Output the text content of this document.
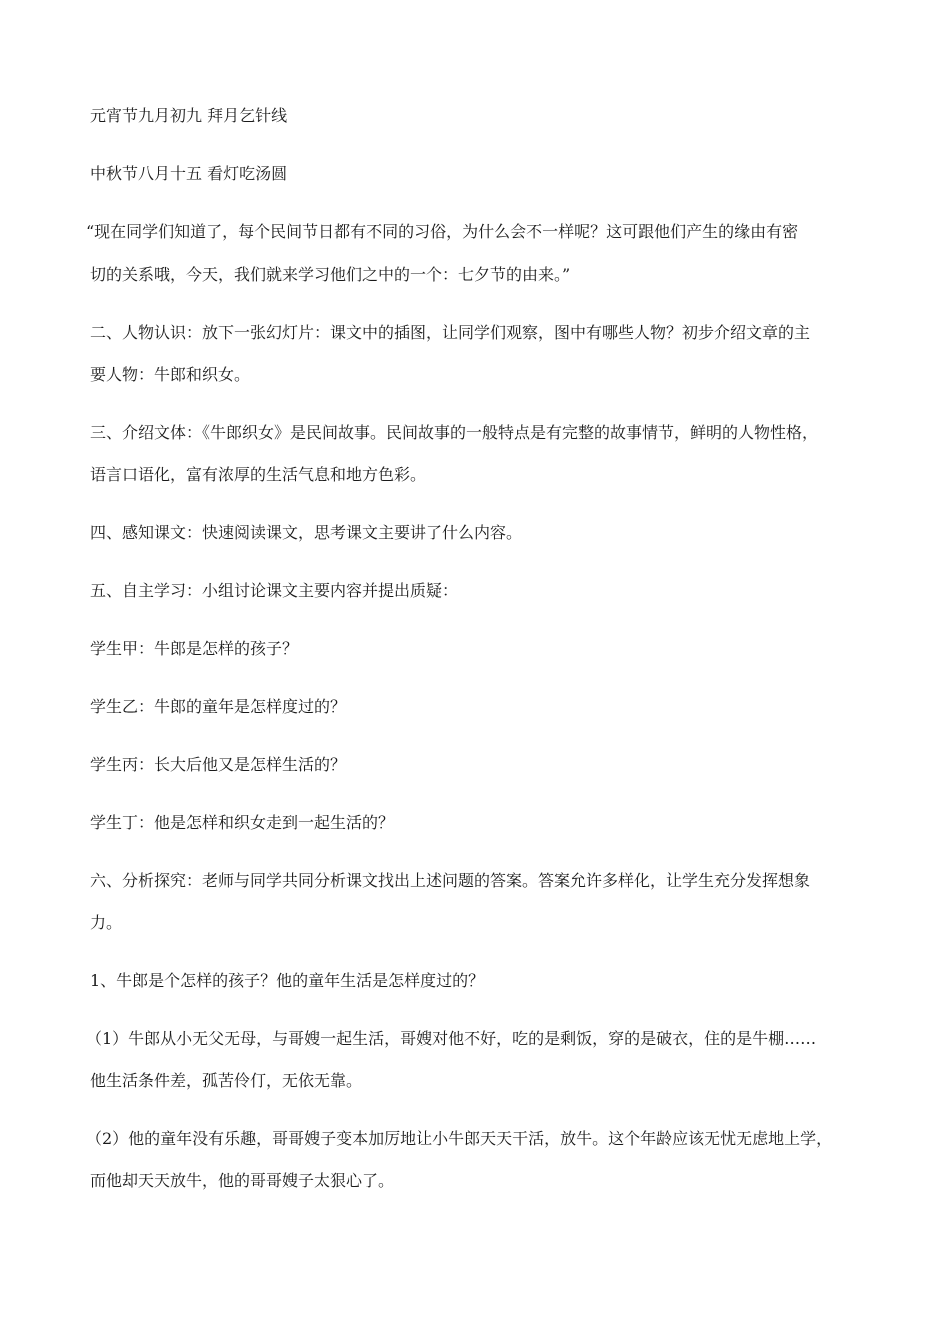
元宵节九月初九 拜月乞针线
中秋节八月十五 看灯吃汤圆
“现在同学们知道了，每个民间节日都有不同的习俗，为什么会不一样呢？这可跟他们产生的缘由有密
切的关系哦，今天，我们就来学习他们之中的一个：七夕节的由来。”
二、人物认识：放下一张幻灯片：课文中的插图，让同学们观察，图中有哪些人物？初步介绍文章的主
要人物：牛郎和织女。
三、介绍文体：《牛郎织女》是民间故事。民间故事的一般特点是有完整的故事情节，鲜明的人物性格，
语言口语化，富有浓厚的生活气息和地方色彩。
四、感知课文：快速阅读课文，思考课文主要讲了什么内容。
五、自主学习：小组讨论课文主要内容并提出质疑：
学生甲：牛郎是怎样的孩子？
学生乙：牛郎的童年是怎样度过的？
学生丙：长大后他又是怎样生活的？
学生丁：他是怎样和织女走到一起生活的？
六、分析探究：老师与同学共同分析课文找出上述问题的答案。答案允许多样化，让学生充分发挥想象
力。
1、牛郎是个怎样的孩子？他的童年生活是怎样度过的？
（1）牛郎从小无父无母，与哥嫂一起生活，哥嫂对他不好，吃的是剩饭，穿的是破衣，住的是牛棚……
他生活条件差，孤苦伶仃，无依无靠。
（2）他的童年没有乐趣，哥哥嫂子变本加厉地让小牛郎天天干活，放牛。这个年龄应该无忧无虑地上学，
而他却天天放牛，他的哥哥嫂子太狠心了。
